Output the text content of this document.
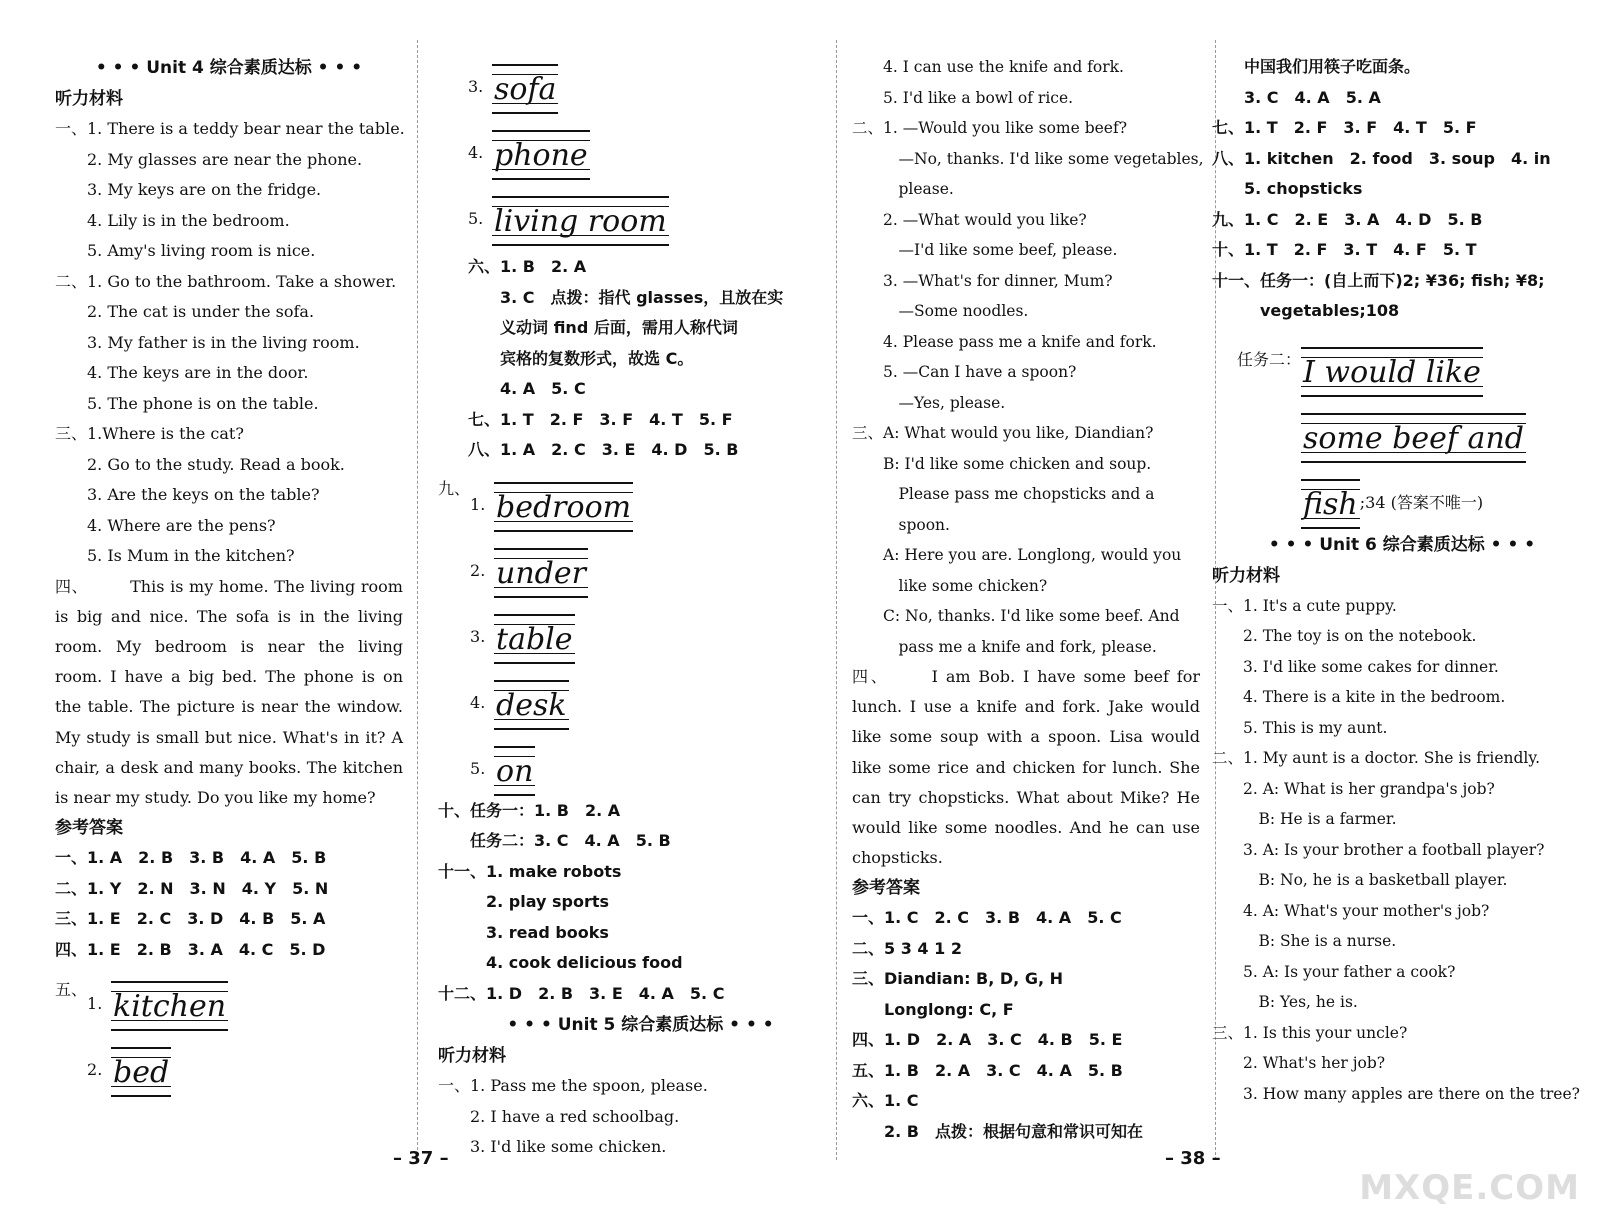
• • • Unit 4 综合素质达标 • • •
听力材料
一、1. There is a teddy bear near the table.
　　2. My glasses are near the phone.
　　3. My keys are on the fridge.
　　4. Lily is in the bedroom.
　　5. Amy's living room is nice.
二、1. Go to the bathroom. Take a shower.
　　2. The cat is under the sofa.
　　3. My father is in the living room.
　　4. The keys are in the door.
　　5. The phone is on the table.
三、1.Where is the cat?
　　2. Go to the study. Read a book.
　　3. Are the keys on the table?
　　4. Where are the pens?
　　5. Is Mum in the kitchen?
四、	This is my home. The living room is big and nice. The sofa is in the living room. My bedroom is near the living room. I have a big bed. The phone is on the table. The picture is near the window. My study is small but nice. What's in it? A chair, a desk and many books. The kitchen is near my study. Do you like my home?
参考答案
一、1. A　2. B　3. B　4. A　5. B
二、1. Y　2. N　3. N　4. Y　5. N
三、1. E　2. C　3. D　4. B　5. A
四、1. E　2. B　3. A　4. C　5. D
五、
1. kitchen
2. bed
3. sofa
4. phone
5. living room
六、1. B　2. A
　　3. C　点拨：指代 glasses，且放在实
　　义动词 find 后面，需用人称代词
　　宾格的复数形式，故选 C。
　　4. A　5. C
七、1. T　2. F　3. F　4. T　5. F
八、1. A　2. C　3. E　4. D　5. B
九、
1. bedroom
2. under
3. table
4. desk
5. on
十、任务一：1. B　2. A
　　任务二：3. C　4. A　5. B
十一、1. make robots
　　　2. play sports
　　　3. read books
　　　4. cook delicious food
十二、1. D　2. B　3. E　4. A　5. C
• • • Unit 5 综合素质达标 • • •
听力材料
一、1. Pass me the spoon, please.
　　2. I have a red schoolbag.
　　3. I'd like some chicken.
　　4. I can use the knife and fork.
　　5. I'd like a bowl of rice.
二、1. —Would you like some beef?
　　　—No, thanks. I'd like some vegetables,
　　　please.
　　2. —What would you like?
　　　—I'd like some beef, please.
　　3. —What's for dinner, Mum?
　　　—Some noodles.
　　4. Please pass me a knife and fork.
　　5. —Can I have a spoon?
　　　—Yes, please.
三、A: What would you like, Diandian?
　　B: I'd like some chicken and soup.
　　　Please pass me chopsticks and a
　　　spoon.
　　A: Here you are. Longlong, would you
　　　like some chicken?
　　C: No, thanks. I'd like some beef. And
　　　pass me a knife and fork, please.
四、	I am Bob. I have some beef for lunch. I use a knife and fork. Jake would like some soup with a spoon. Lisa would like some rice and chicken for lunch. She can try chopsticks. What about Mike? He would like some noodles. And he can use chopsticks.
参考答案
一、1. C　2. C　3. B　4. A　5. C
二、5 3 4 1 2
三、Diandian: B, D, G, H
　　Longlong: C, F
四、1. D　2. A　3. C　4. B　5. E
五、1. B　2. A　3. C　4. A　5. B
六、1. C
　　2. B　点拨：根据句意和常识可知在
　　中国我们用筷子吃面条。
　　3. C　4. A　5. A
七、1. T　2. F　3. F　4. T　5. F
八、1. kitchen　2. food　3. soup　4. in
　　5. chopsticks
九、1. C　2. E　3. A　4. D　5. B
十、1. T　2. F　3. T　4. F　5. T
十一、任务一：(自上而下)2; ¥36; fish; ¥8;
　　　vegetables;108
任务二： I would like
some beef and
fish ;34 (答案不唯一)
• • • Unit 6 综合素质达标 • • •
听力材料
一、1. It's a cute puppy.
　　2. The toy is on the notebook.
　　3. I'd like some cakes for dinner.
　　4. There is a kite in the bedroom.
　　5. This is my aunt.
二、1. My aunt is a doctor. She is friendly.
　　2. A: What is her grandpa's job?
　　　B: He is a farmer.
　　3. A: Is your brother a football player?
　　　B: No, he is a basketball player.
　　4. A: What's your mother's job?
　　　B: She is a nurse.
　　5. A: Is your father a cook?
　　　B: Yes, he is.
三、1. Is this your uncle?
　　2. What's her job?
　　3. How many apples are there on the tree?
– 37 –	– 38 –
MXQE.COM
